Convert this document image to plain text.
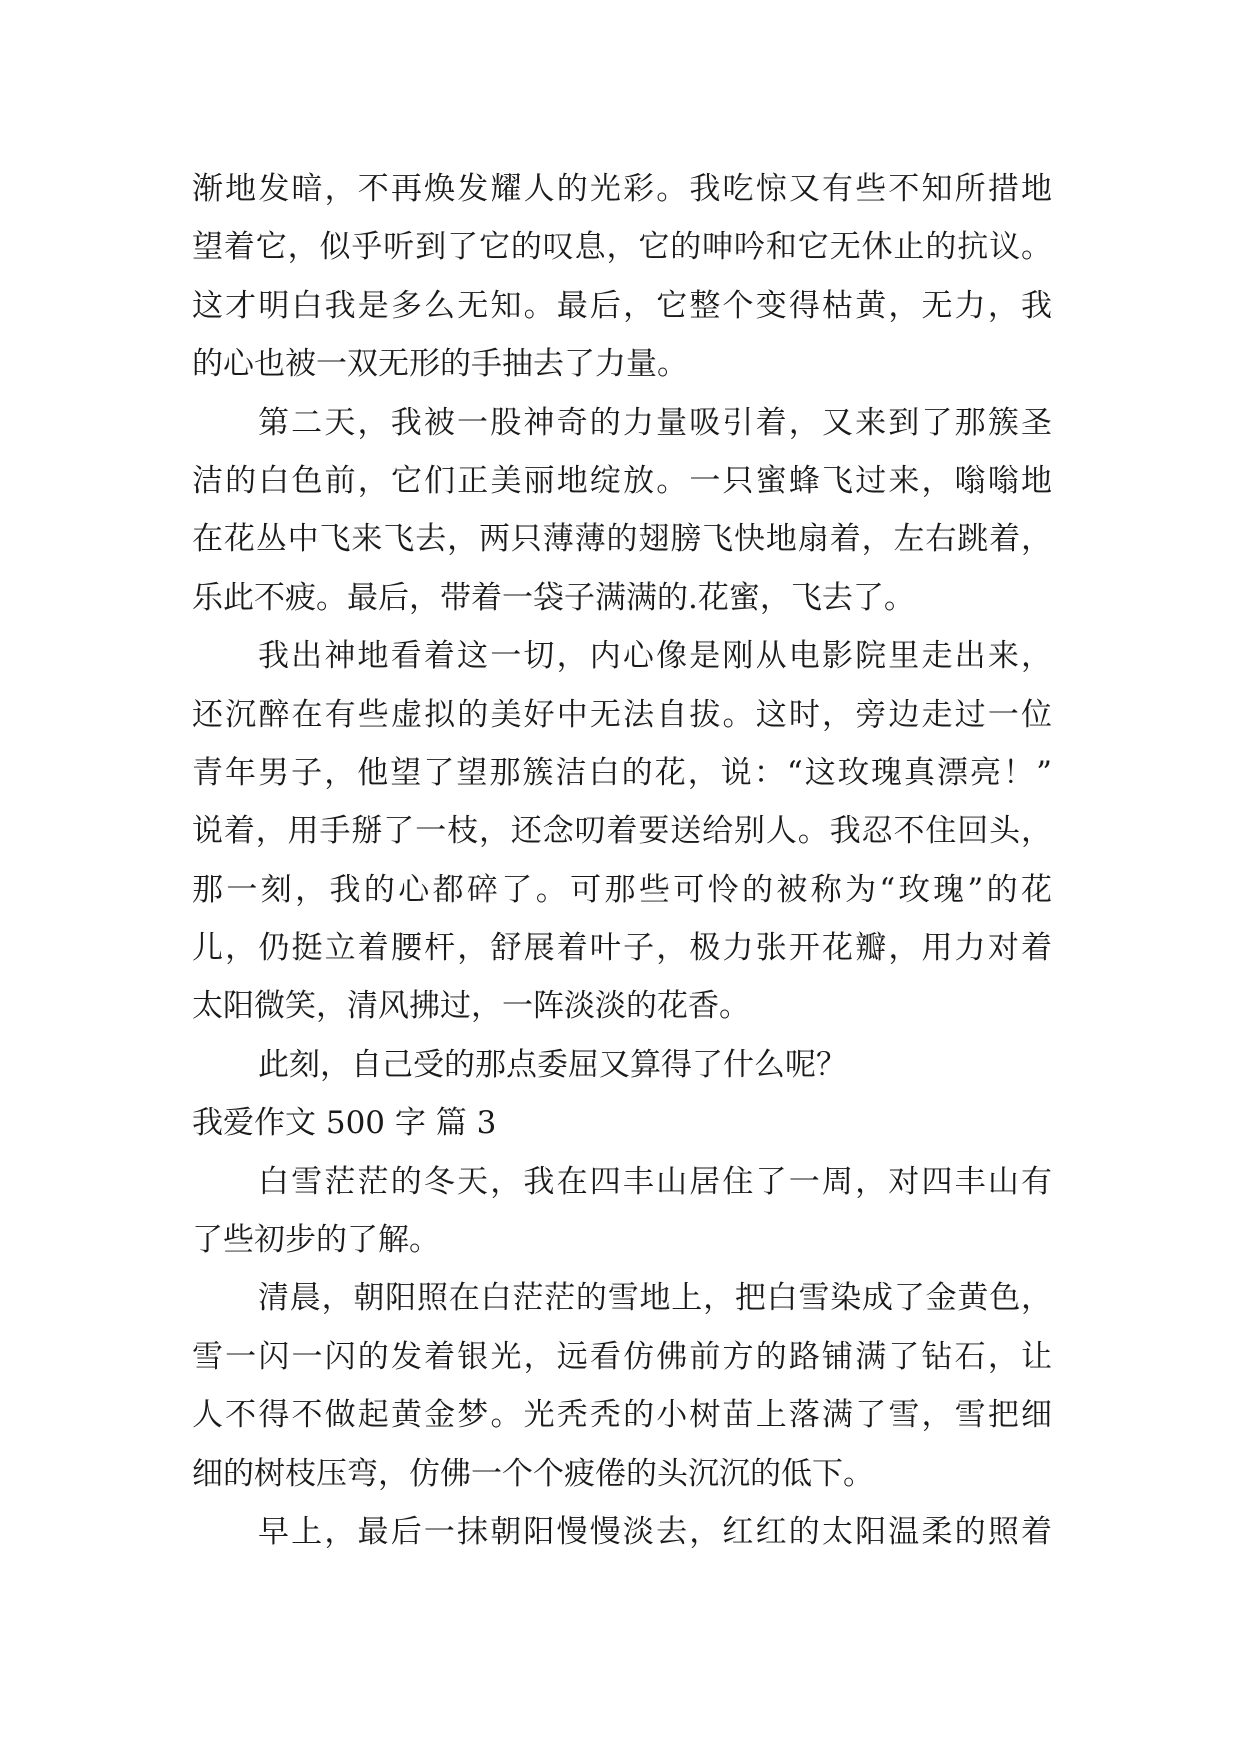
渐地发暗，不再焕发耀人的光彩。我吃惊又有些不知所措地
望着它，似乎听到了它的叹息，它的呻吟和它无休止的抗议。
这才明白我是多么无知。最后，它整个变得枯黄，无力，我
的心也被一双无形的手抽去了力量。
第二天，我被一股神奇的力量吸引着，又来到了那簇圣
洁的白色前，它们正美丽地绽放。一只蜜蜂飞过来，嗡嗡地
在花丛中飞来飞去，两只薄薄的翅膀飞快地扇着，左右跳着，
乐此不疲。最后，带着一袋子满满的.花蜜，飞去了。
我出神地看着这一切，内心像是刚从电影院里走出来，
还沉醉在有些虚拟的美好中无法自拔。这时，旁边走过一位
青年男子，他望了望那簇洁白的花，说：“这玫瑰真漂亮！”
说着，用手掰了一枝，还念叨着要送给别人。我忍不住回头，
那一刻，我的心都碎了。可那些可怜的被称为“玫瑰”的花
儿，仍挺立着腰杆，舒展着叶子，极力张开花瓣，用力对着
太阳微笑，清风拂过，一阵淡淡的花香。
此刻，自己受的那点委屈又算得了什么呢？
我爱作文 500 字 篇 3
白雪茫茫的冬天，我在四丰山居住了一周，对四丰山有
了些初步的了解。
清晨，朝阳照在白茫茫的雪地上，把白雪染成了金黄色，
雪一闪一闪的发着银光，远看仿佛前方的路铺满了钻石，让
人不得不做起黄金梦。光秃秃的小树苗上落满了雪，雪把细
细的树枝压弯，仿佛一个个疲倦的头沉沉的低下。
早上，最后一抹朝阳慢慢淡去，红红的太阳温柔的照着
